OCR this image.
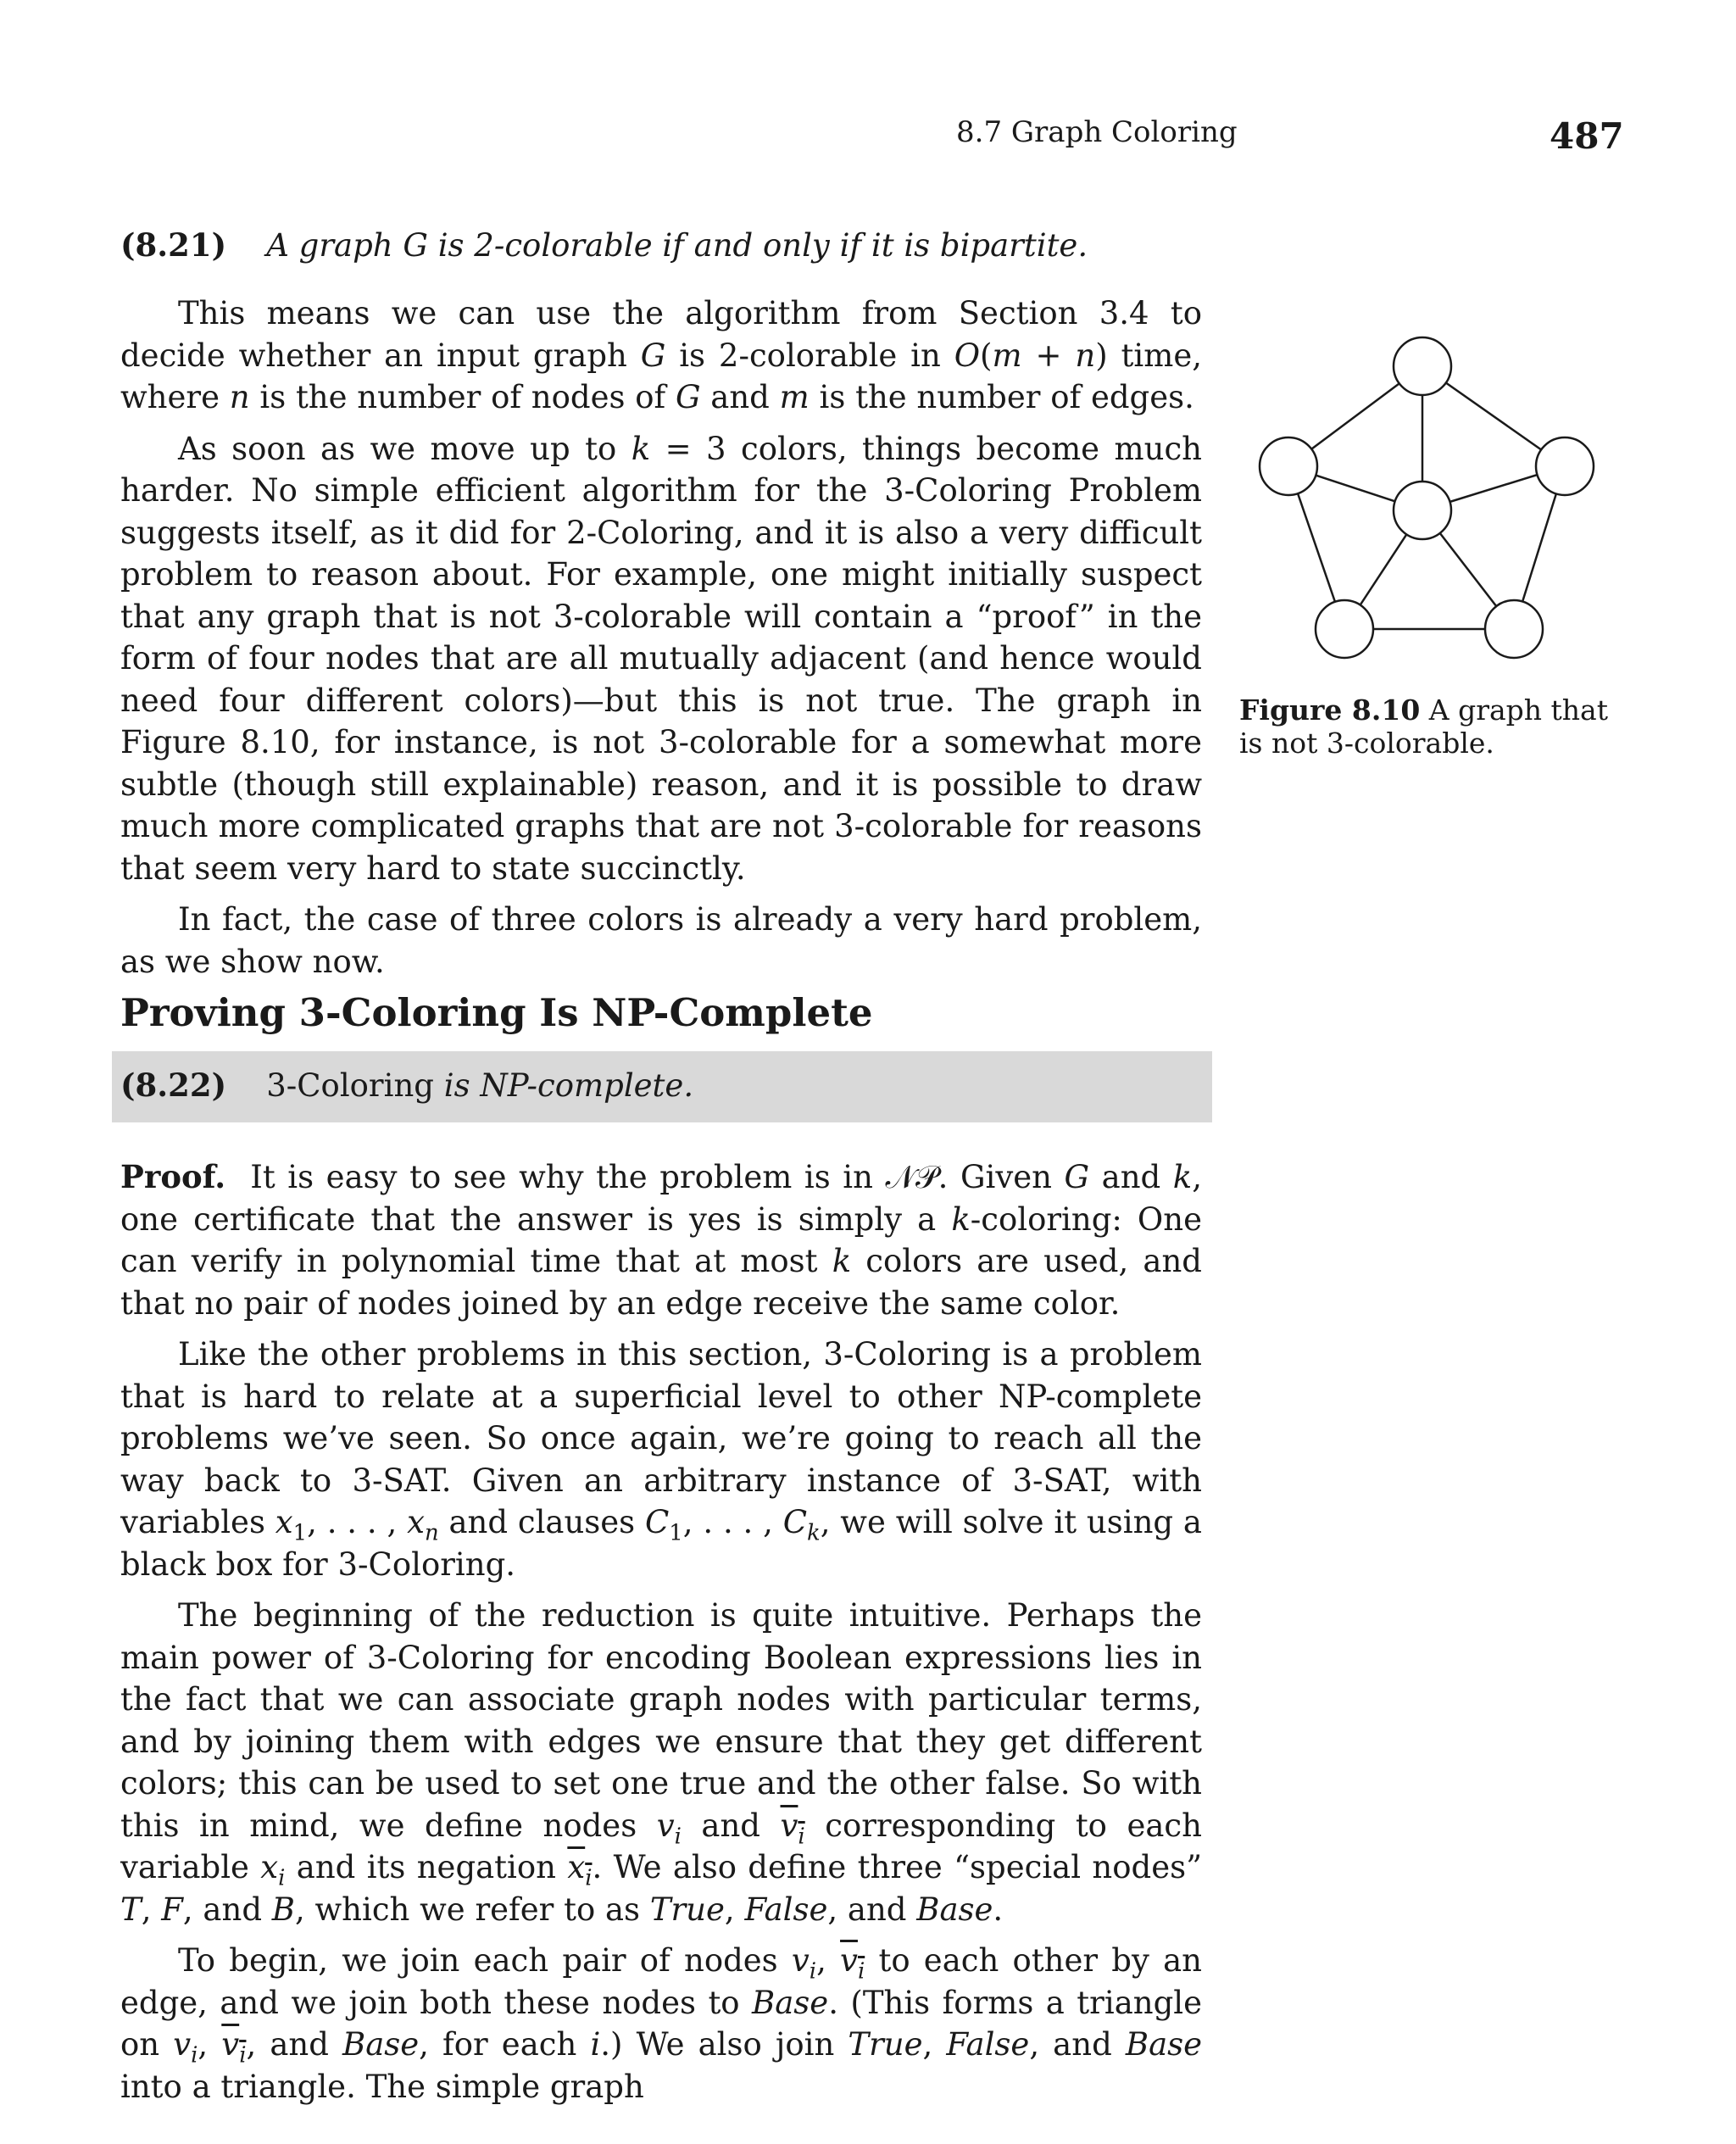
8.7 Graph Coloring	487
(8.21) A graph G is 2-colorable if and only if it is bipartite.

This means we can use the algorithm from Section 3.4 to decide whether an input graph G is 2-colorable in O(m + n) time, where n is the number of nodes of G and m is the number of edges.

As soon as we move up to k = 3 colors, things become much harder. No simple efficient algorithm for the 3-Coloring Problem suggests itself, as it did for 2-Coloring, and it is also a very difficult problem to reason about. For example, one might initially suspect that any graph that is not 3-colorable will contain a “proof” in the form of four nodes that are all mutually adjacent (and hence would need four different colors)—but this is not true. The graph in Figure 8.10, for instance, is not 3-colorable for a somewhat more subtle (though still explainable) reason, and it is possible to draw much more complicated graphs that are not 3-colorable for reasons that seem very hard to state succinctly.

In fact, the case of three colors is already a very hard problem, as we show now.

Proving 3-Coloring Is NP-Complete
(8.22) 3-Coloring is NP-complete.

Proof.  It is easy to see why the problem is in 𝒩𝒫. Given G and k, one certificate that the answer is yes is simply a k-coloring: One can verify in polynomial time that at most k colors are used, and that no pair of nodes joined by an edge receive the same color.

Like the other problems in this section, 3-Coloring is a problem that is hard to relate at a superficial level to other NP-complete problems we’ve seen. So once again, we’re going to reach all the way back to 3-SAT. Given an arbitrary instance of 3-SAT, with variables $x_1$, . . . , $x_n$ and clauses $C_1$, . . . , $C_k$, we will solve it using a black box for 3-Coloring.

The beginning of the reduction is quite intuitive. Perhaps the main power of 3-Coloring for encoding Boolean expressions lies in the fact that we can associate graph nodes with particular terms, and by joining them with edges we ensure that they get different colors; this can be used to set one true and the other false. So with this in mind, we define nodes $v_i$ and $v_i$ corresponding to each variable $x_i$ and its negation $x_i$. We also define three “special nodes” T, F, and B, which we refer to as True, False, and Base.

To begin, we join each pair of nodes $v_i$, $v_i$ to each other by an edge, and we join both these nodes to Base. (This forms a triangle on $v_i$, $v_i$, and Base, for each i.) We also join True, False, and Base into a triangle. The simple graph

Figure 8.10 A graph that is not 3-colorable.
